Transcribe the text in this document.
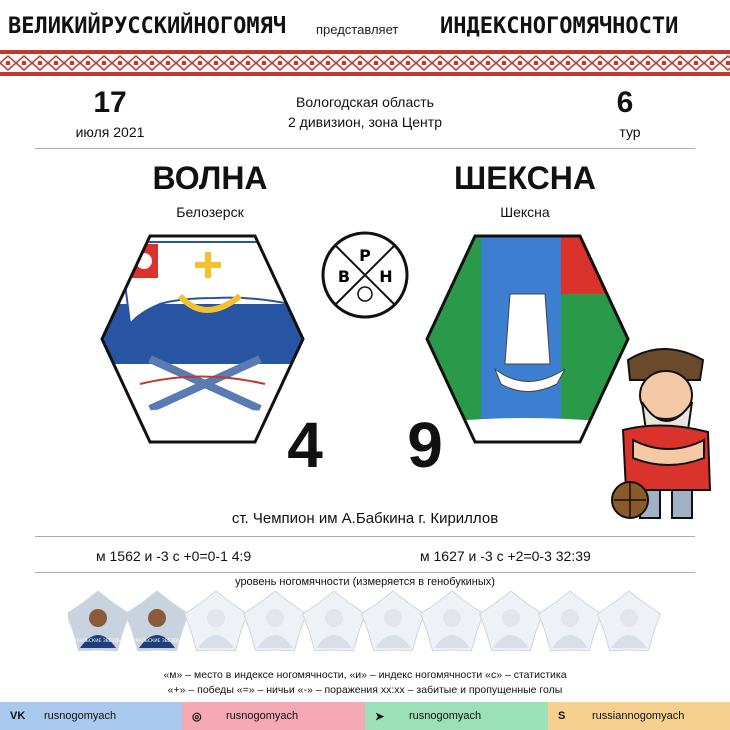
ВЕЛИКИЙРУССКИЙНОГОМЯЧ представляет ИНДЕКСНОГОМЯЧНОСТИ
17
июля 2021
Вологодская область
2 дивизион, зона Центр
6
тур
ВОЛНА
Белозерск
ШЕКСНА
Шексна
Р
В Н
4 9
ст. Чемпион им А.Бабкина г. Кириллов
м 1562 и -3 с +0=0-1 4:9	м 1627 и -3 с +2=0-3 32:39
уровень ногомячности (измеряется в генобукиных)
УРАЛЬСКИЕ ЗВЕЗДЫ УРАЛЬСКИЕ ЗВЕЗДЫ
«м» – место в индексе ногомячности, «и» – индекс ногомячности «с» – статистика
«+» – победы «=» – ничьи «-» – поражения хх:хх – забитые и пропущенные голы
VK rusnogomyach	◎	rusnogomyach	➤	rusnogomyach	S	russiannogomyach
